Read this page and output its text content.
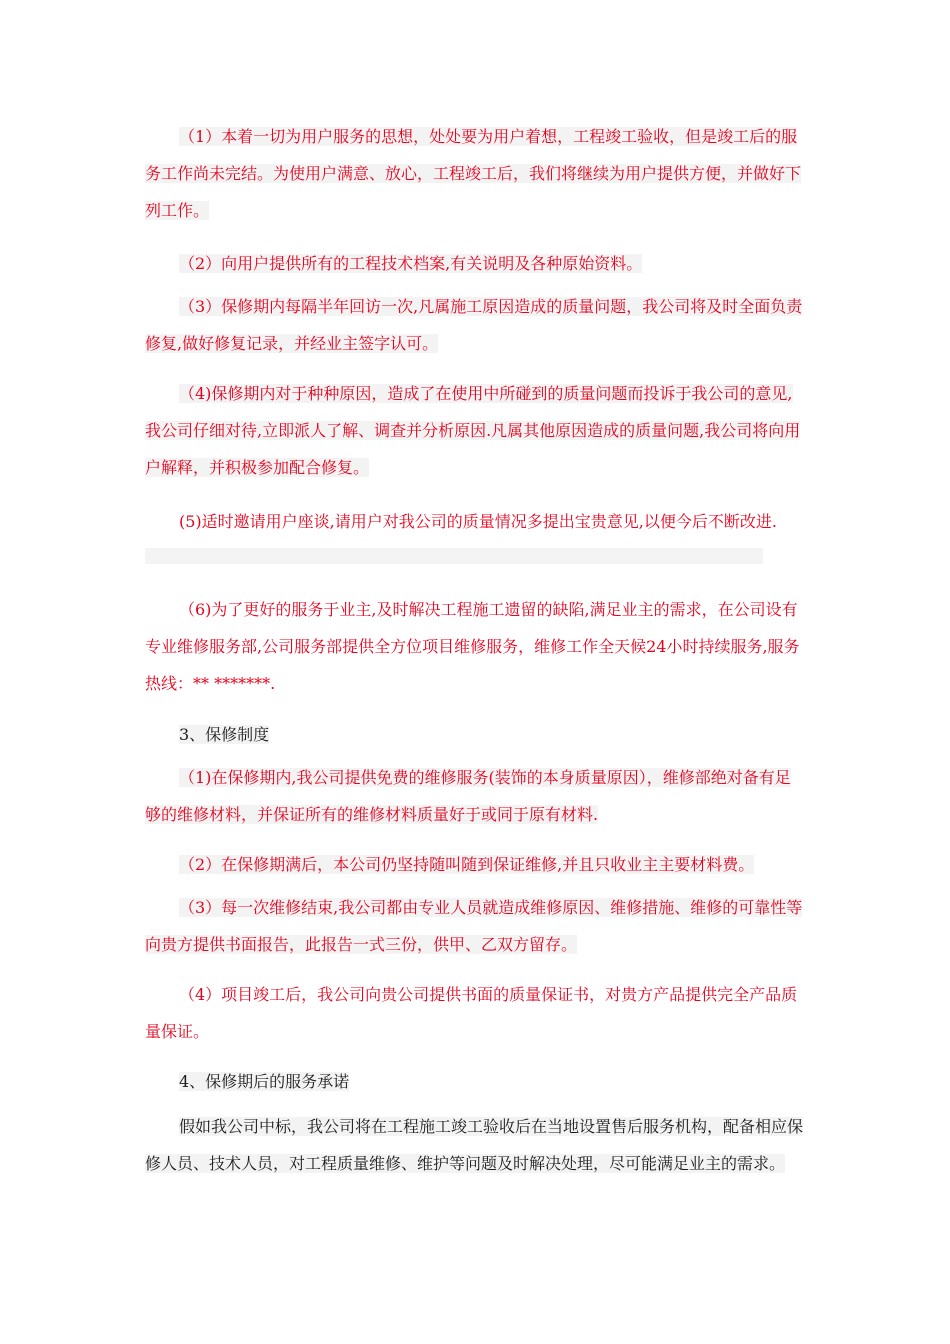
（1）本着一切为用户服务的思想，处处要为用户着想，工程竣工验收，但是竣工后的服务工作尚未完结。为使用户满意、放心，工程竣工后，我们将继续为用户提供方便，并做好下列工作。

（2）向用户提供所有的工程技术档案,有关说明及各种原始资料。

（3）保修期内每隔半年回访一次,凡属施工原因造成的质量问题，我公司将及时全面负责修复,做好修复记录，并经业主签字认可。

（4)保修期内对于种种原因，造成了在使用中所碰到的质量问题而投诉于我公司的意见,我公司仔细对待,立即派人了解、调查并分析原因.凡属其他原因造成的质量问题,我公司将向用户解释，并积极参加配合修复。

(5)适时邀请用户座谈,请用户对我公司的质量情况多提出宝贵意见,以便今后不断改进.

（6)为了更好的服务于业主,及时解决工程施工遗留的缺陷,满足业主的需求，在公司设有专业维修服务部,公司服务部提供全方位项目维修服务，维修工作全天候24小时持续服务,服务热线：** *******.

3、保修制度

（1)在保修期内,我公司提供免费的维修服务(装饰的本身质量原因），维修部绝对备有足够的维修材料，并保证所有的维修材料质量好于或同于原有材料.

（2）在保修期满后，本公司仍坚持随叫随到保证维修,并且只收业主主要材料费。

（3）每一次维修结束,我公司都由专业人员就造成维修原因、维修措施、维修的可靠性等向贵方提供书面报告，此报告一式三份，供甲、乙双方留存。

（4）项目竣工后，我公司向贵公司提供书面的质量保证书，对贵方产品提供完全产品质量保证。

4、保修期后的服务承诺

假如我公司中标，我公司将在工程施工竣工验收后在当地设置售后服务机构，配备相应保修人员、技术人员，对工程质量维修、维护等问题及时解决处理，尽可能满足业主的需求。
